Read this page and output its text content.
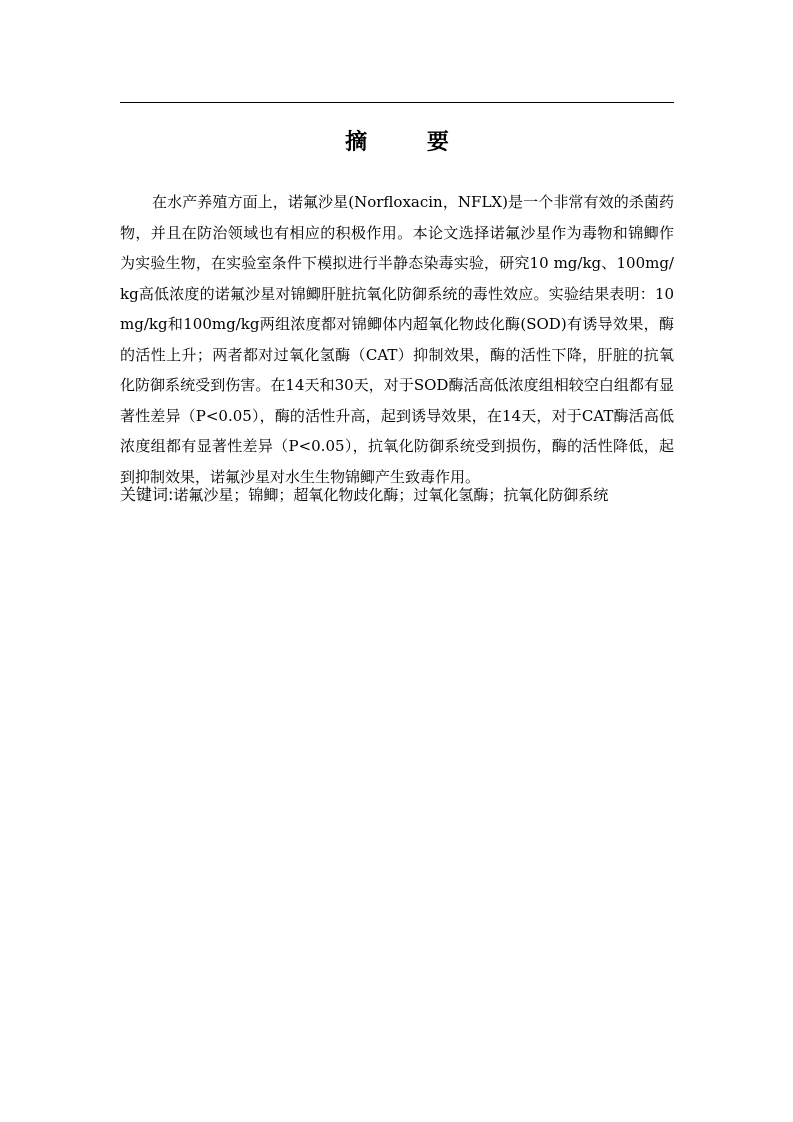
摘 要

在水产养殖方面上，诺氟沙星(Norfloxacin，NFLX)是一个非常有效的杀菌药物，并且在防治领域也有相应的积极作用。本论文选择诺氟沙星作为毒物和锦鲫作为实验生物，在实验室条件下模拟进行半静态染毒实验，研究10 mg/kg、100mg/kg高低浓度的诺氟沙星对锦鲫肝脏抗氧化防御系统的毒性效应。实验结果表明：10 mg/kg和100mg/kg两组浓度都对锦鲫体内超氧化物歧化酶(SOD)有诱导效果，酶的活性上升；两者都对过氧化氢酶（CAT）抑制效果，酶的活性下降，肝脏的抗氧化防御系统受到伤害。在14天和30天，对于SOD酶活高低浓度组相较空白组都有显著性差异（P<0.05），酶的活性升高，起到诱导效果，在14天，对于CAT酶活高低浓度组都有显著性差异（P<0.05），抗氧化防御系统受到损伤，酶的活性降低，起到抑制效果，诺氟沙星对水生生物锦鲫产生致毒作用。

关键词:诺氟沙星；锦鲫；超氧化物歧化酶；过氧化氢酶；抗氧化防御系统
